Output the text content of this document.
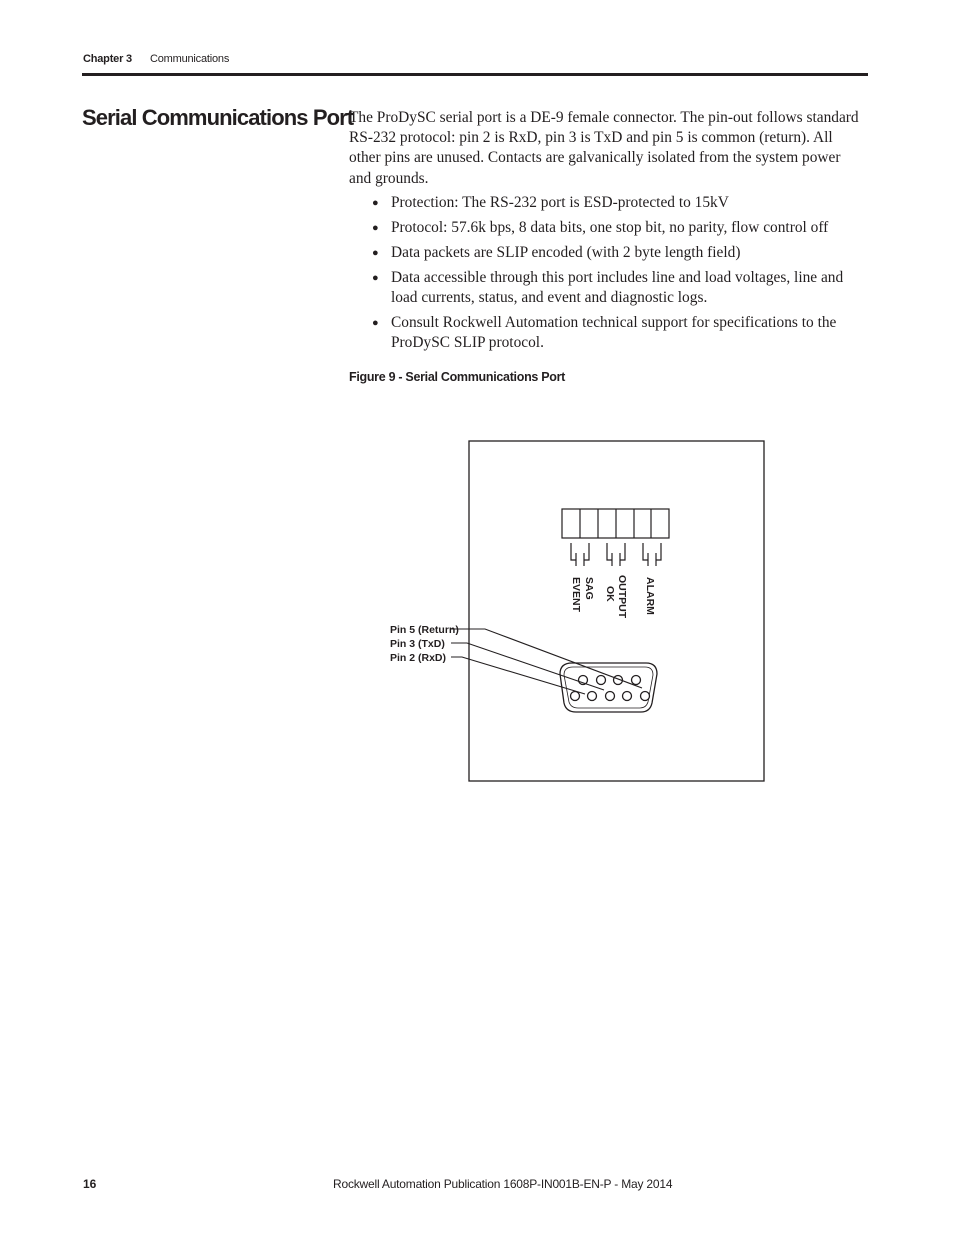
Chapter 3 Communications
Serial Communications Port

The ProDySC serial port is a DE-9 female connector. The pin-out follows standard RS-232 protocol: pin 2 is RxD, pin 3 is TxD and pin 5 is common (return). All other pins are unused. Contacts are galvanically isolated from the system power and grounds.

● Protection: The RS-232 port is ESD-protected to 15kV
● Protocol: 57.6k bps, 8 data bits, one stop bit, no parity, flow control off
● Data packets are SLIP encoded (with 2 byte length field)
● Data accessible through this port includes line and load voltages, line and load currents, status, and event and diagnostic logs.
● Consult Rockwell Automation technical support for specifications to the ProDySC SLIP protocol.
Figure 9 - Serial Communications Port
SAG
EVENT	OUTPUT
OK	ALARM
Pin 5 (Return)
Pin 3 (TxD)
Pin 2 (RxD)
16	Rockwell Automation Publication 1608P-IN001B-EN-P - May 2014
